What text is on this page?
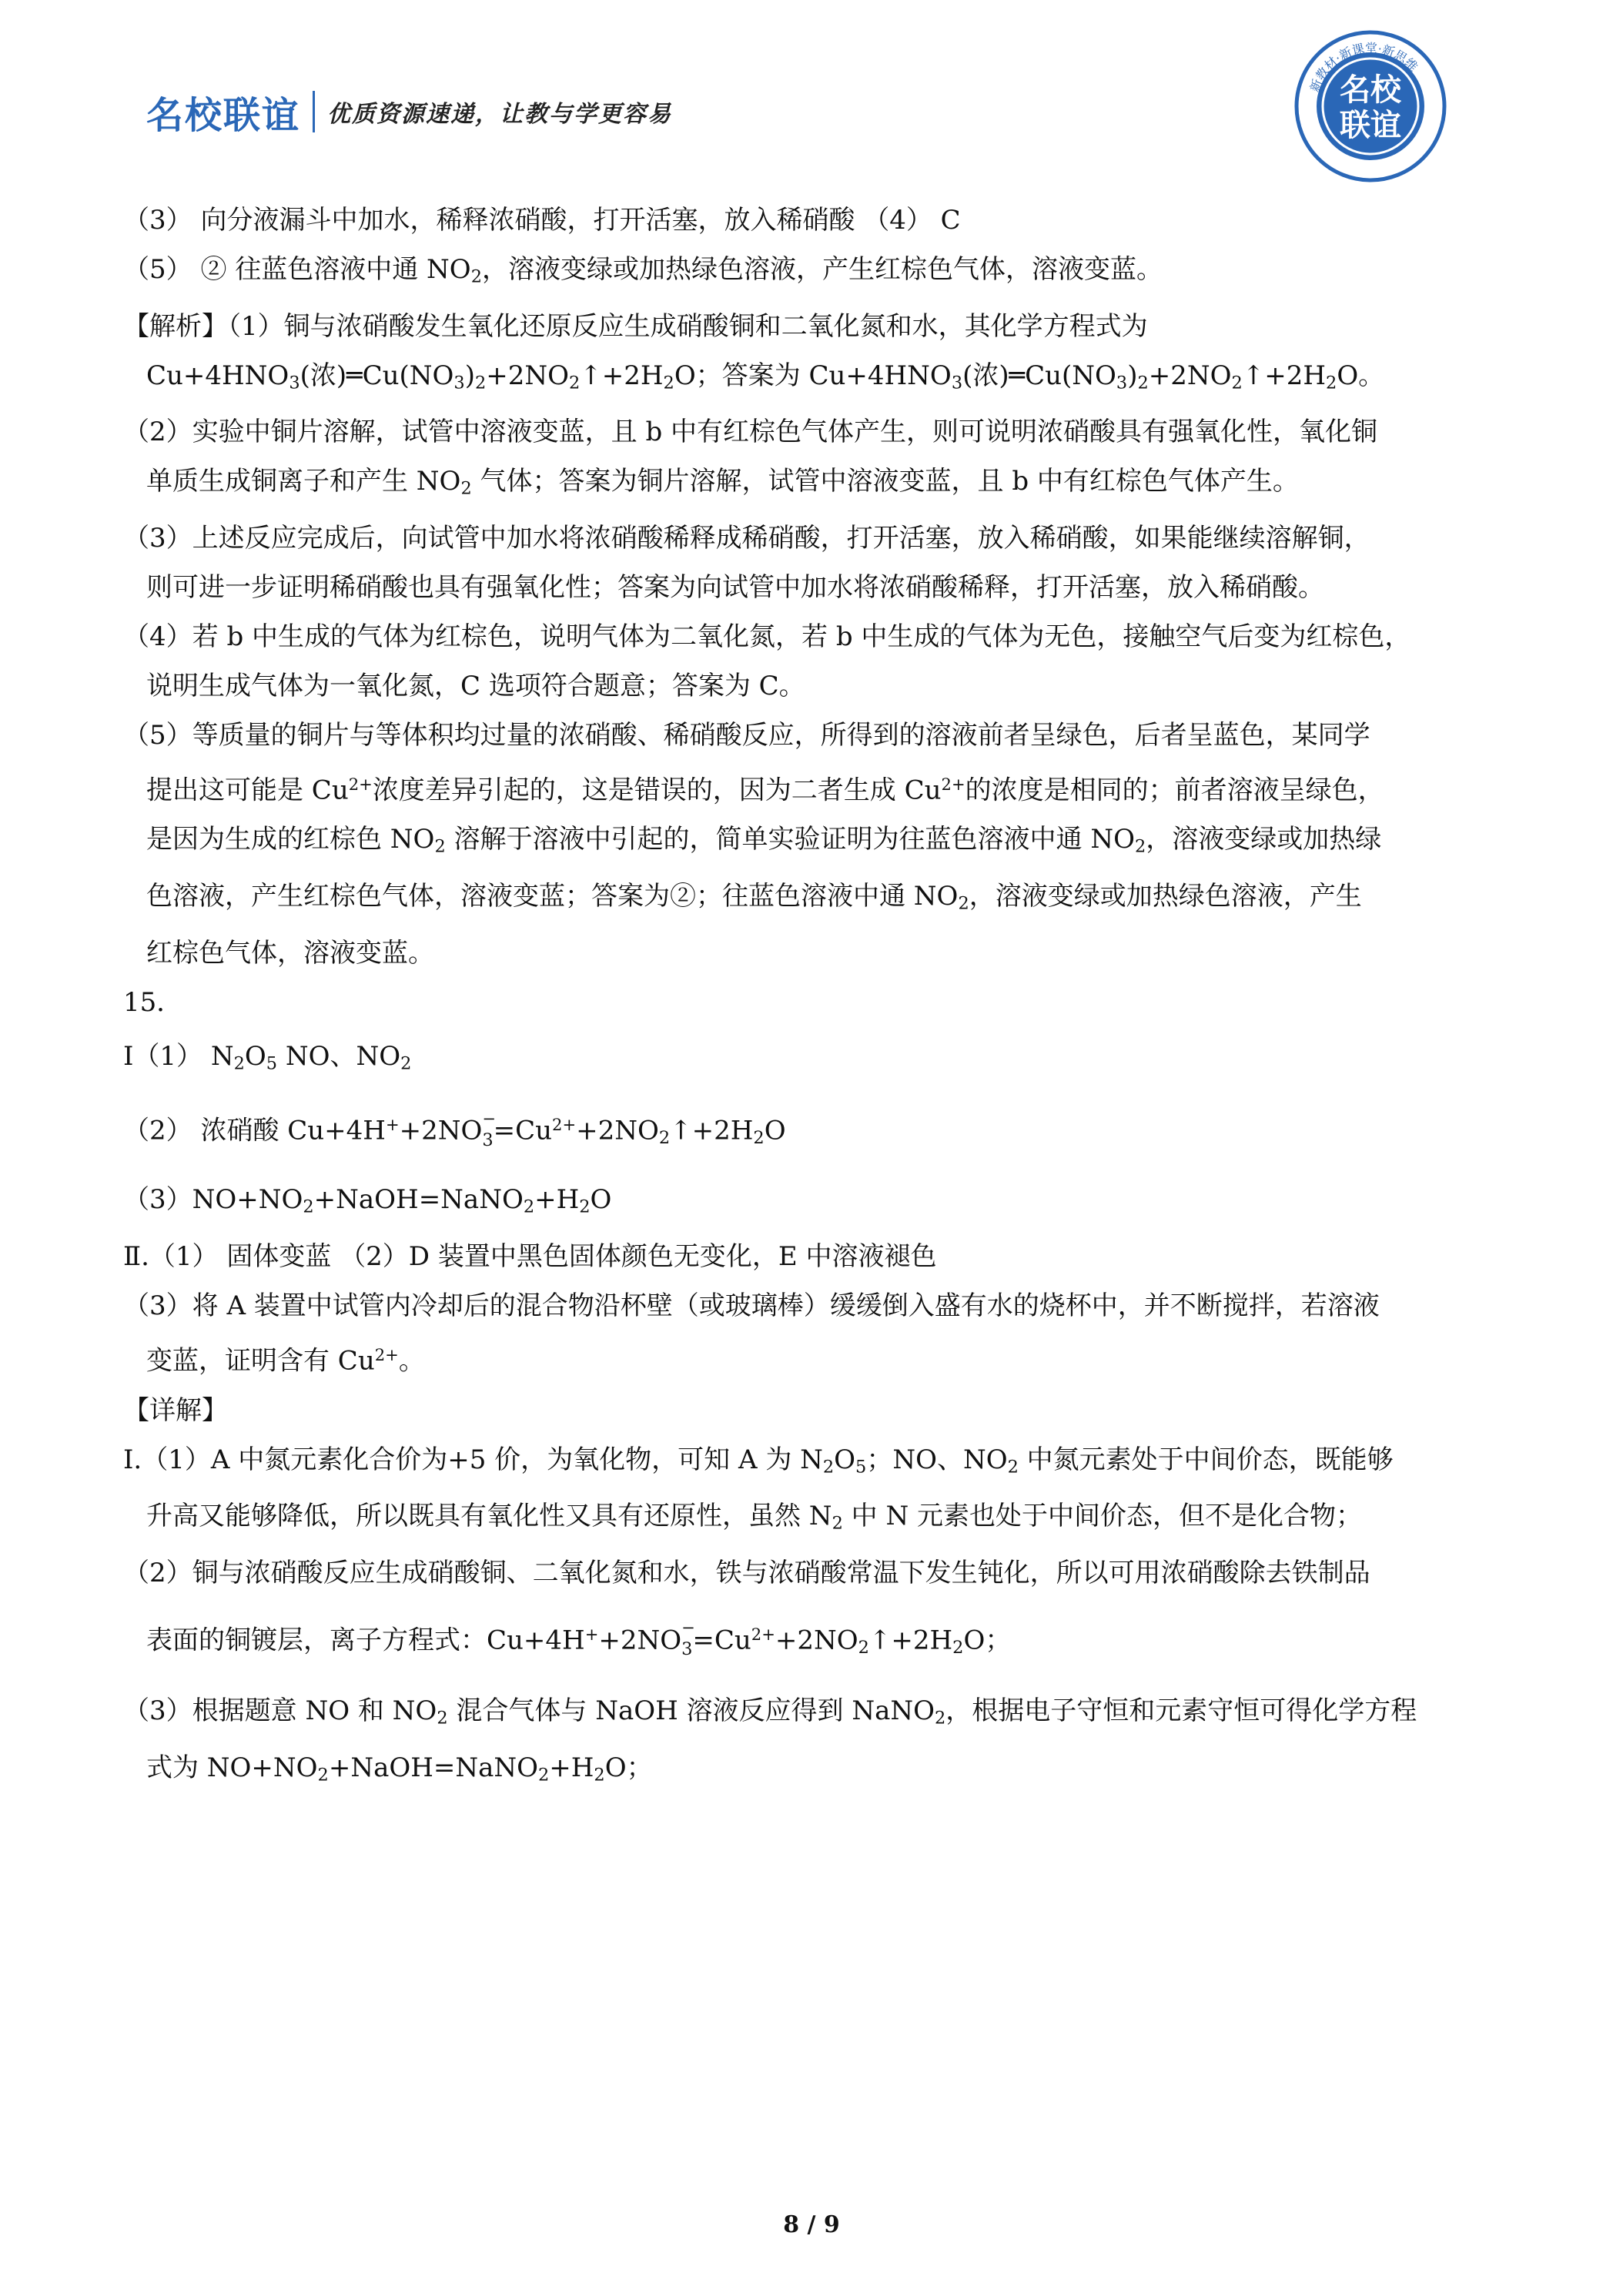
名校联谊 优质资源速递，让教与学更容易
名校
联谊
新教材·新课堂·新思维
（3） 向分液漏斗中加水，稀释浓硝酸，打开活塞，放入稀硝酸 （4） C
（5） ② 往蓝色溶液中通 $NO_2$，溶液变绿或加热绿色溶液，产生红棕色气体，溶液变蓝。
【解析】（1）铜与浓硝酸发生氧化还原反应生成硝酸铜和二氧化氮和水，其化学方程式为
$Cu+4HNO_3$(浓)$═Cu(NO_3)_2+2NO_2↑+2H_2O$；答案为 $Cu+4HNO_3$(浓)$═Cu(NO_3)_2+2NO_2↑+2H_2O$。
（2）实验中铜片溶解，试管中溶液变蓝，且 b 中有红棕色气体产生，则可说明浓硝酸具有强氧化性，氧化铜
单质生成铜离子和产生 $NO_2$ 气体；答案为铜片溶解，试管中溶液变蓝，且 b 中有红棕色气体产生。
（3）上述反应完成后，向试管中加水将浓硝酸稀释成稀硝酸，打开活塞，放入稀硝酸，如果能继续溶解铜，
则可进一步证明稀硝酸也具有强氧化性；答案为向试管中加水将浓硝酸稀释，打开活塞，放入稀硝酸。
（4）若 b 中生成的气体为红棕色，说明气体为二氧化氮，若 b 中生成的气体为无色，接触空气后变为红棕色，
说明生成气体为一氧化氮，C 选项符合题意；答案为 C。
（5）等质量的铜片与等体积均过量的浓硝酸、稀硝酸反应，所得到的溶液前者呈绿色，后者呈蓝色，某同学
提出这可能是 $Cu^{2+}$浓度差异引起的，这是错误的，因为二者生成 $Cu^{2+}$的浓度是相同的；前者溶液呈绿色，
是因为生成的红棕色 $NO_2$ 溶解于溶液中引起的，简单实验证明为往蓝色溶液中通 $NO_2$，溶液变绿或加热绿
色溶液，产生红棕色气体，溶液变蓝；答案为②；往蓝色溶液中通 $NO_2$，溶液变绿或加热绿色溶液，产生
红棕色气体，溶液变蓝。
15．
Ⅰ（1） $N_2O_5$ NO、$NO_2$
（2） 浓硝酸 Cu+4H++2NO −
$_3=Cu^{2+}+2NO_2↑+2H_2O$
$(3)NO+NO_2+NaOH=NaNO_2+H_2O$
Ⅱ.（1） 固体变蓝 （2）D 装置中黑色固体颜色无变化，E 中溶液褪色
（3）将 A 装置中试管内冷却后的混合物沿杯壁（或玻璃棒）缓缓倒入盛有水的烧杯中，并不断搅拌，若溶液
变蓝，证明含有 $Cu^{2+}$。
【详解】
Ⅰ.（1）A 中氮元素化合价为+5 价，为氧化物，可知 A 为 $N_2O_5$；NO、$NO_2$ 中氮元素处于中间价态，既能够
升高又能够降低，所以既具有氧化性又具有还原性，虽然 $N_2$ 中 N 元素也处于中间价态，但不是化合物；
（2）铜与浓硝酸反应生成硝酸铜、二氧化氮和水，铁与浓硝酸常温下发生钝化，所以可用浓硝酸除去铁制品
表面的铜镀层，离子方程式：Cu+4H++2NO −
$_3=Cu^{2+}+2NO_2↑+2H_2O$；
（3）根据题意 NO 和 $NO_2$ 混合气体与 NaOH 溶液反应得到 NaNO$_2$，根据电子守恒和元素守恒可得化学方程
式为 $NO+NO_2+NaOH=NaNO_2+H_2O$；
8 / 9
